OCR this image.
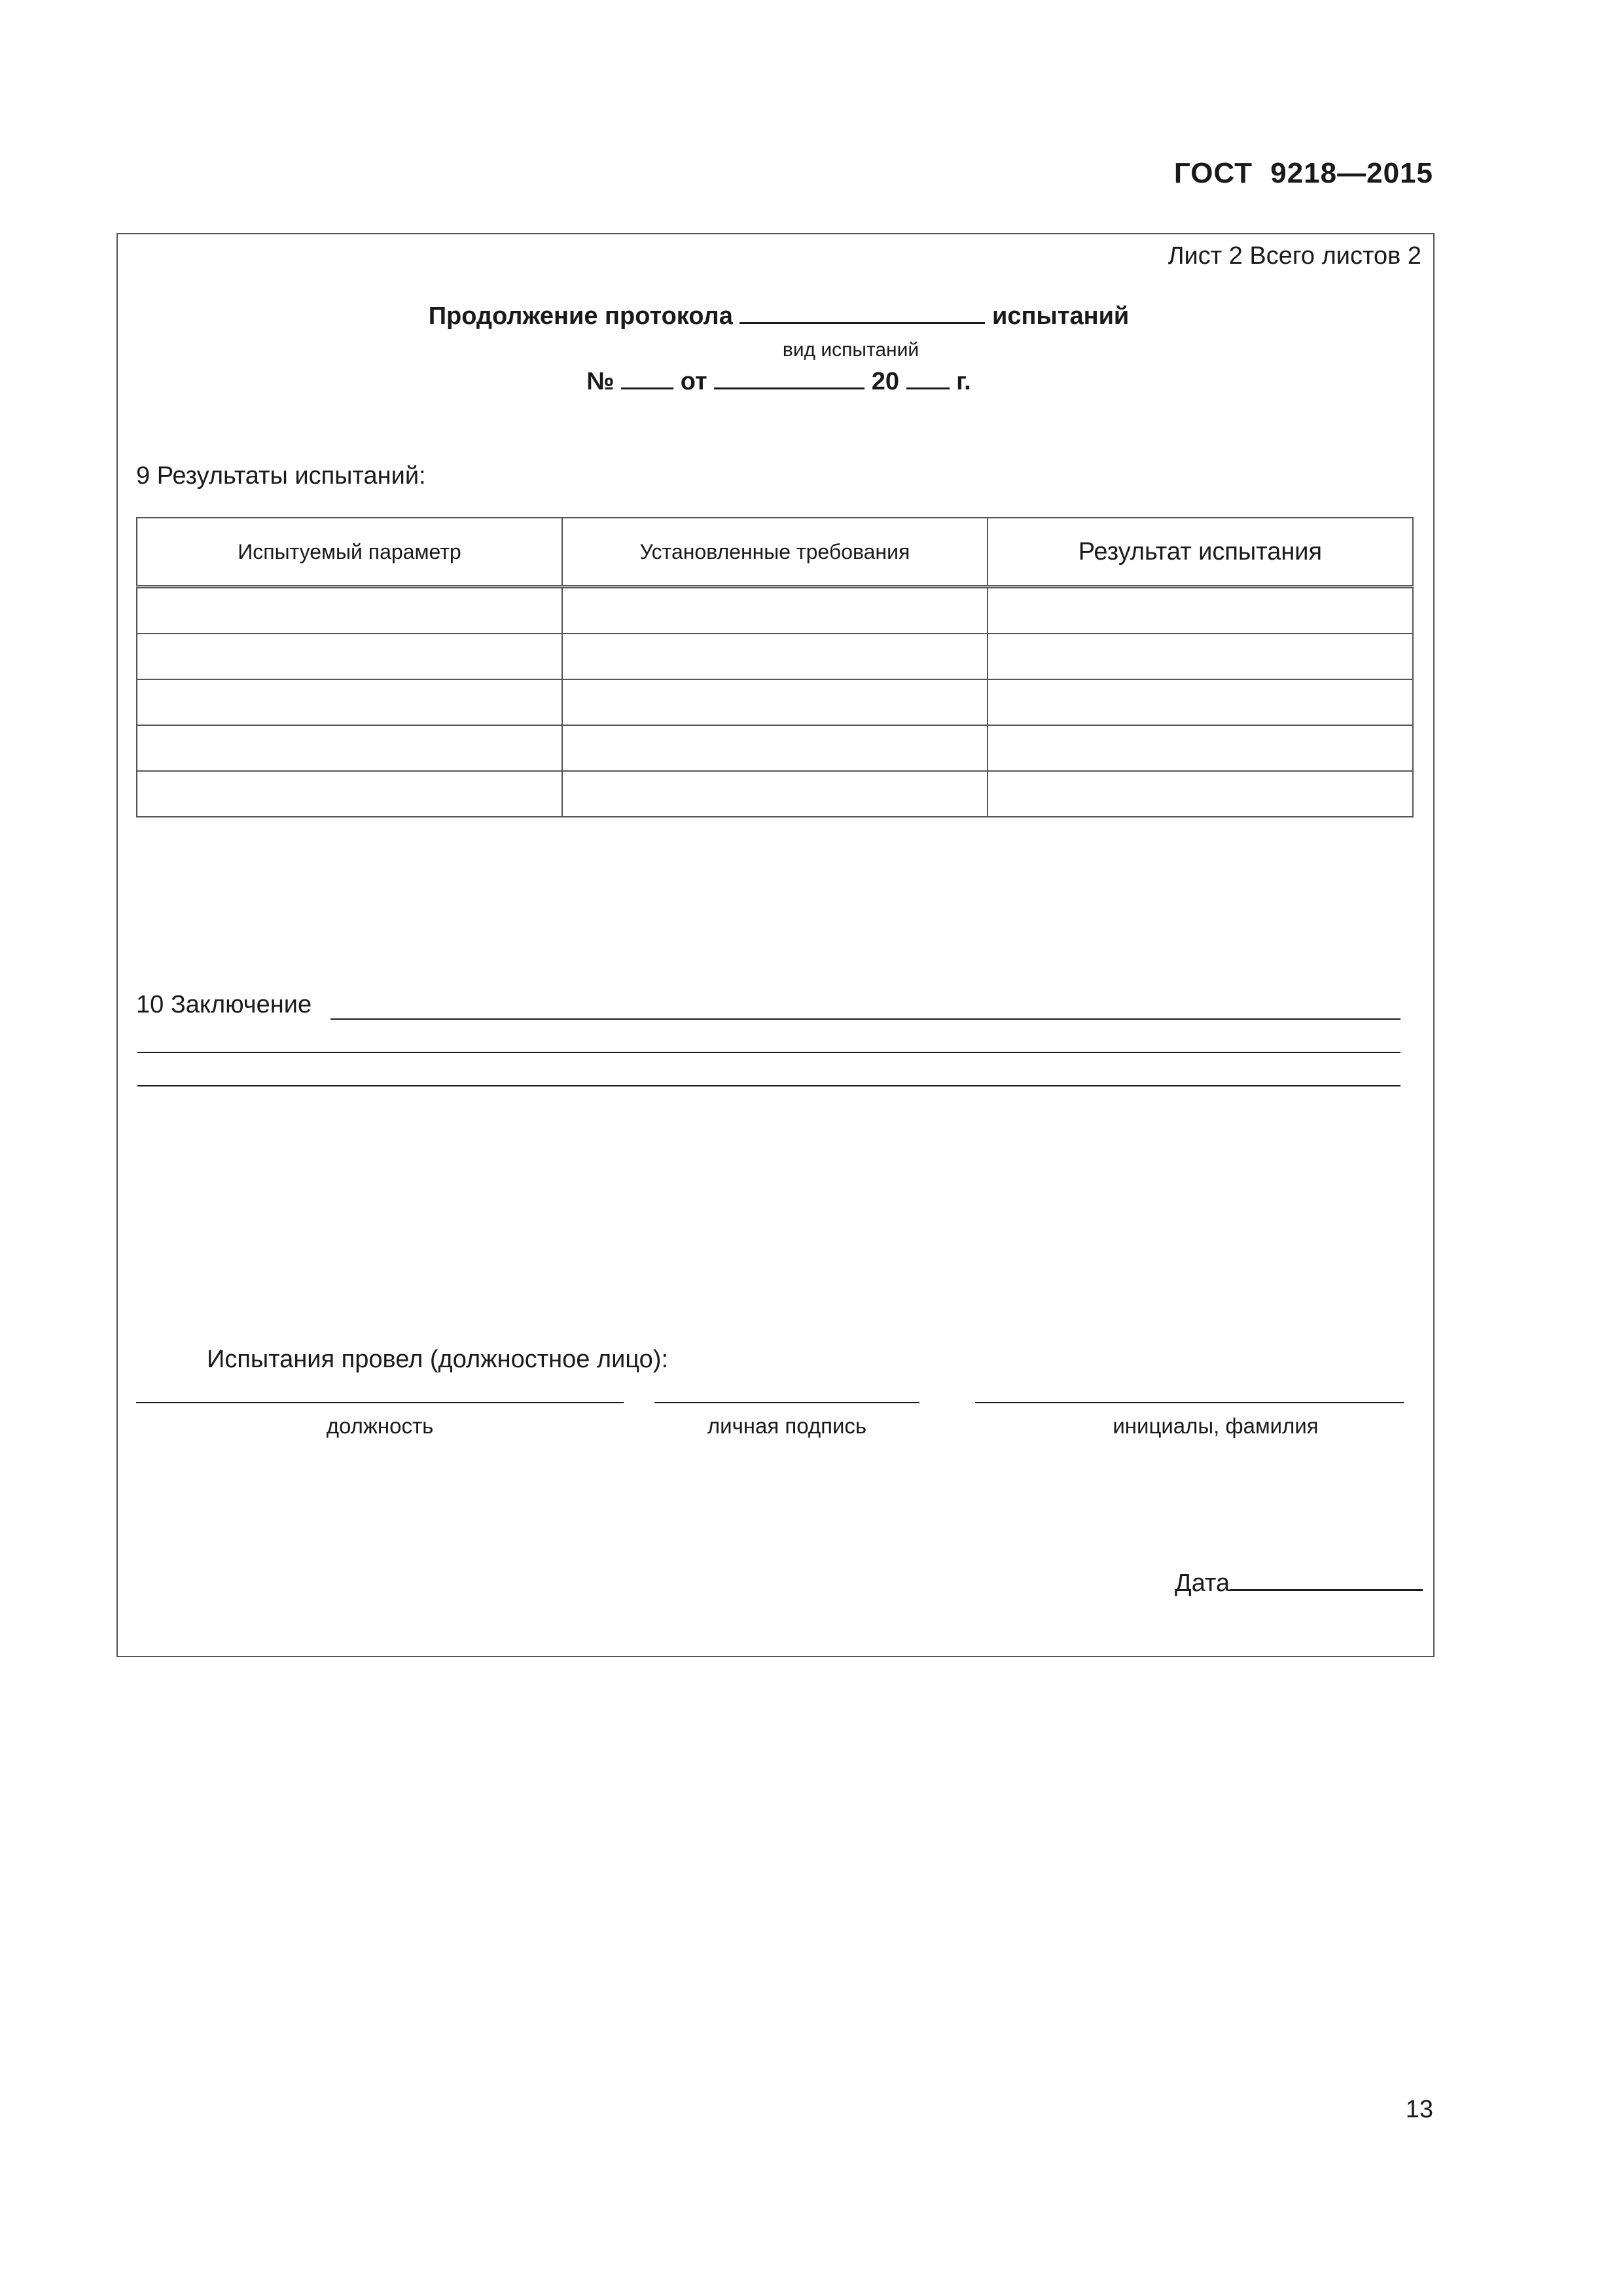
ГОСТ 9218—2015
Лист 2 Всего листов 2
Продолжение протокола	испытаний
вид испытаний
№	от	20 г.
9 Результаты испытаний:
Испытуемый параметр	Установленные требования	Результат испытания

10 Заключение
Испытания провел (должностное лицо):
должность	личная подпись	инициалы, фамилия
Дата
13
